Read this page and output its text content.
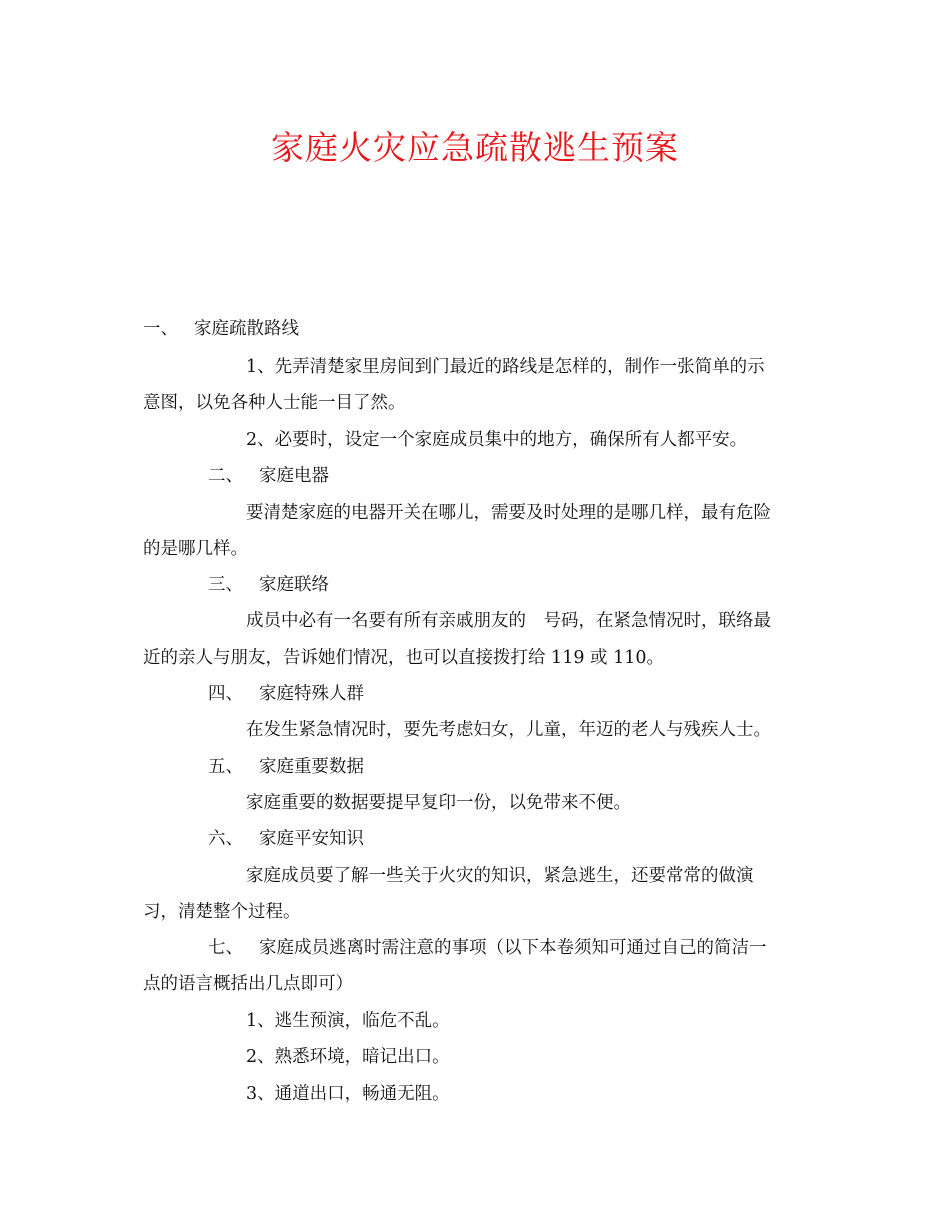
家庭火灾应急疏散逃生预案
一、 家庭疏散路线
1、先弄清楚家里房间到门最近的路线是怎样的，制作一张简单的示
意图，以免各种人士能一目了然。
2、必要时，设定一个家庭成员集中的地方，确保所有人都平安。
二、 家庭电器
要清楚家庭的电器开关在哪儿，需要及时处理的是哪几样，最有危险
的是哪几样。
三、 家庭联络
成员中必有一名要有所有亲戚朋友的　号码，在紧急情况时，联络最
近的亲人与朋友，告诉她们情况，也可以直接拨打给 119 或 110。
四、 家庭特殊人群
在发生紧急情况时，要先考虑妇女，儿童，年迈的老人与残疾人士。
五、 家庭重要数据
家庭重要的数据要提早复印一份，以免带来不便。
六、 家庭平安知识
家庭成员要了解一些关于火灾的知识，紧急逃生，还要常常的做演
习，清楚整个过程。
七、 家庭成员逃离时需注意的事项（以下本卷须知可通过自己的简洁一
点的语言概括出几点即可）
1、逃生预演，临危不乱。
2、熟悉环境，暗记出口。
3、通道出口，畅通无阻。
